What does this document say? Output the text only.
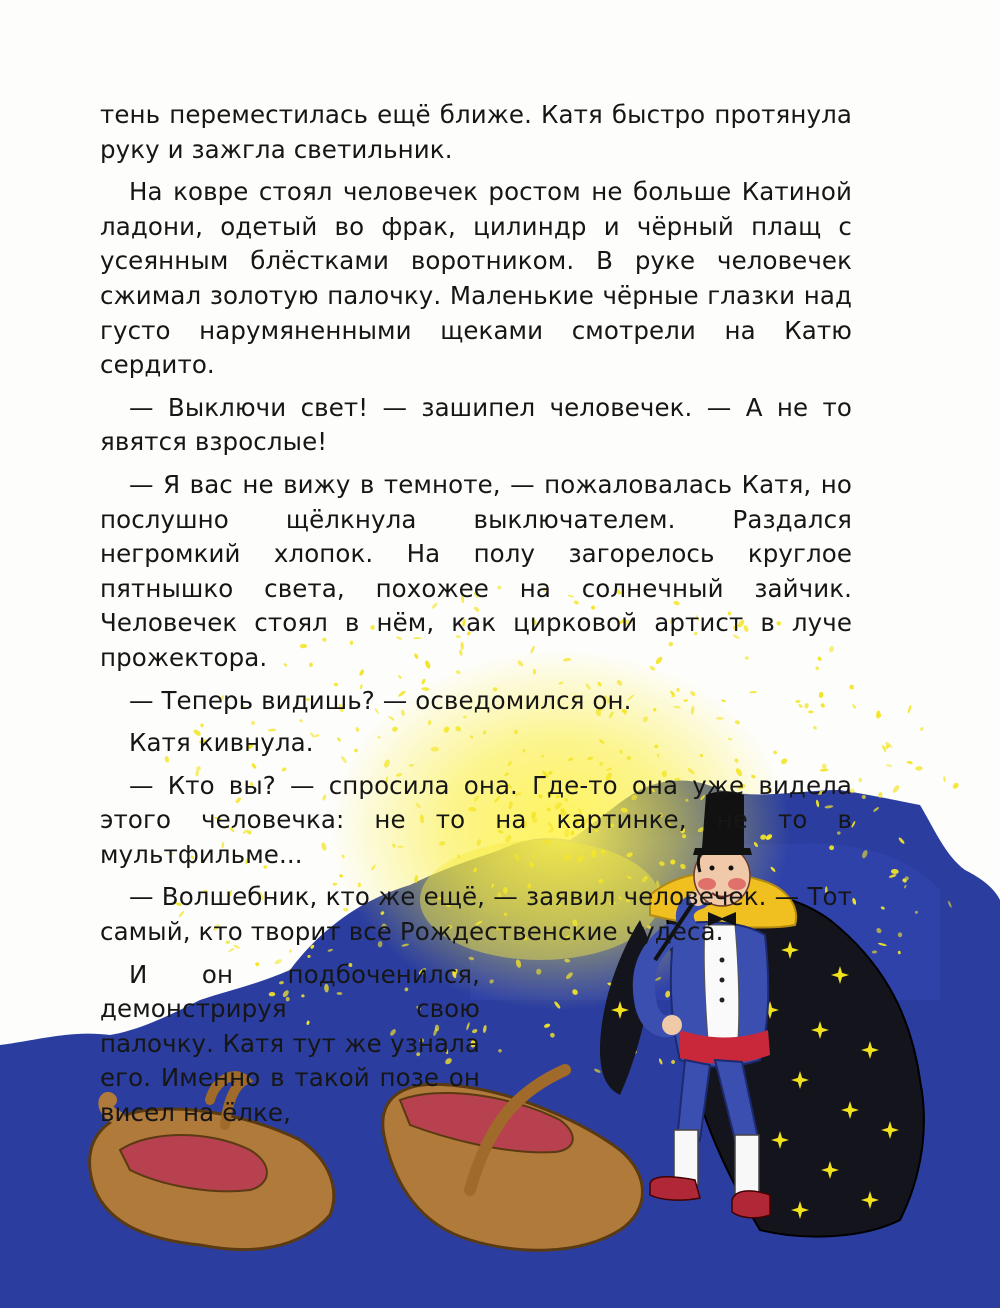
тень переместилась ещё ближе. Катя быстро протянула руку и зажгла светильник.

На ковре стоял человечек ростом не больше Катиной ладони, одетый во фрак, цилиндр и чёрный плащ с усеянным блёстками воротником. В руке человечек сжимал золотую палочку. Маленькие чёрные глазки над густо нарумяненными щеками смотрели на Катю сердито.

— Выключи свет! — зашипел человечек. — А не то явятся взрослые!

— Я вас не вижу в темноте, — пожаловалась Катя, но послушно щёлкнула выключателем. Раздался негромкий хлопок. На полу загорелось круглое пятнышко света, похожее на солнечный зайчик. Человечек стоял в нём, как цирковой артист в луче прожектора.

— Теперь видишь? — осведомился он.

Катя кивнула.

— Кто вы? — спросила она. Где-то она уже видела этого человечка: не то на картинке, не то в мультфильме...

— Волшебник, кто же ещё, — заявил человечек. — Тот самый, кто творит все Рождественские чудеса.

И он подбоченился, демонстрируя свою палочку. Катя тут же узнала его. Именно в такой позе он висел на ёлке,
